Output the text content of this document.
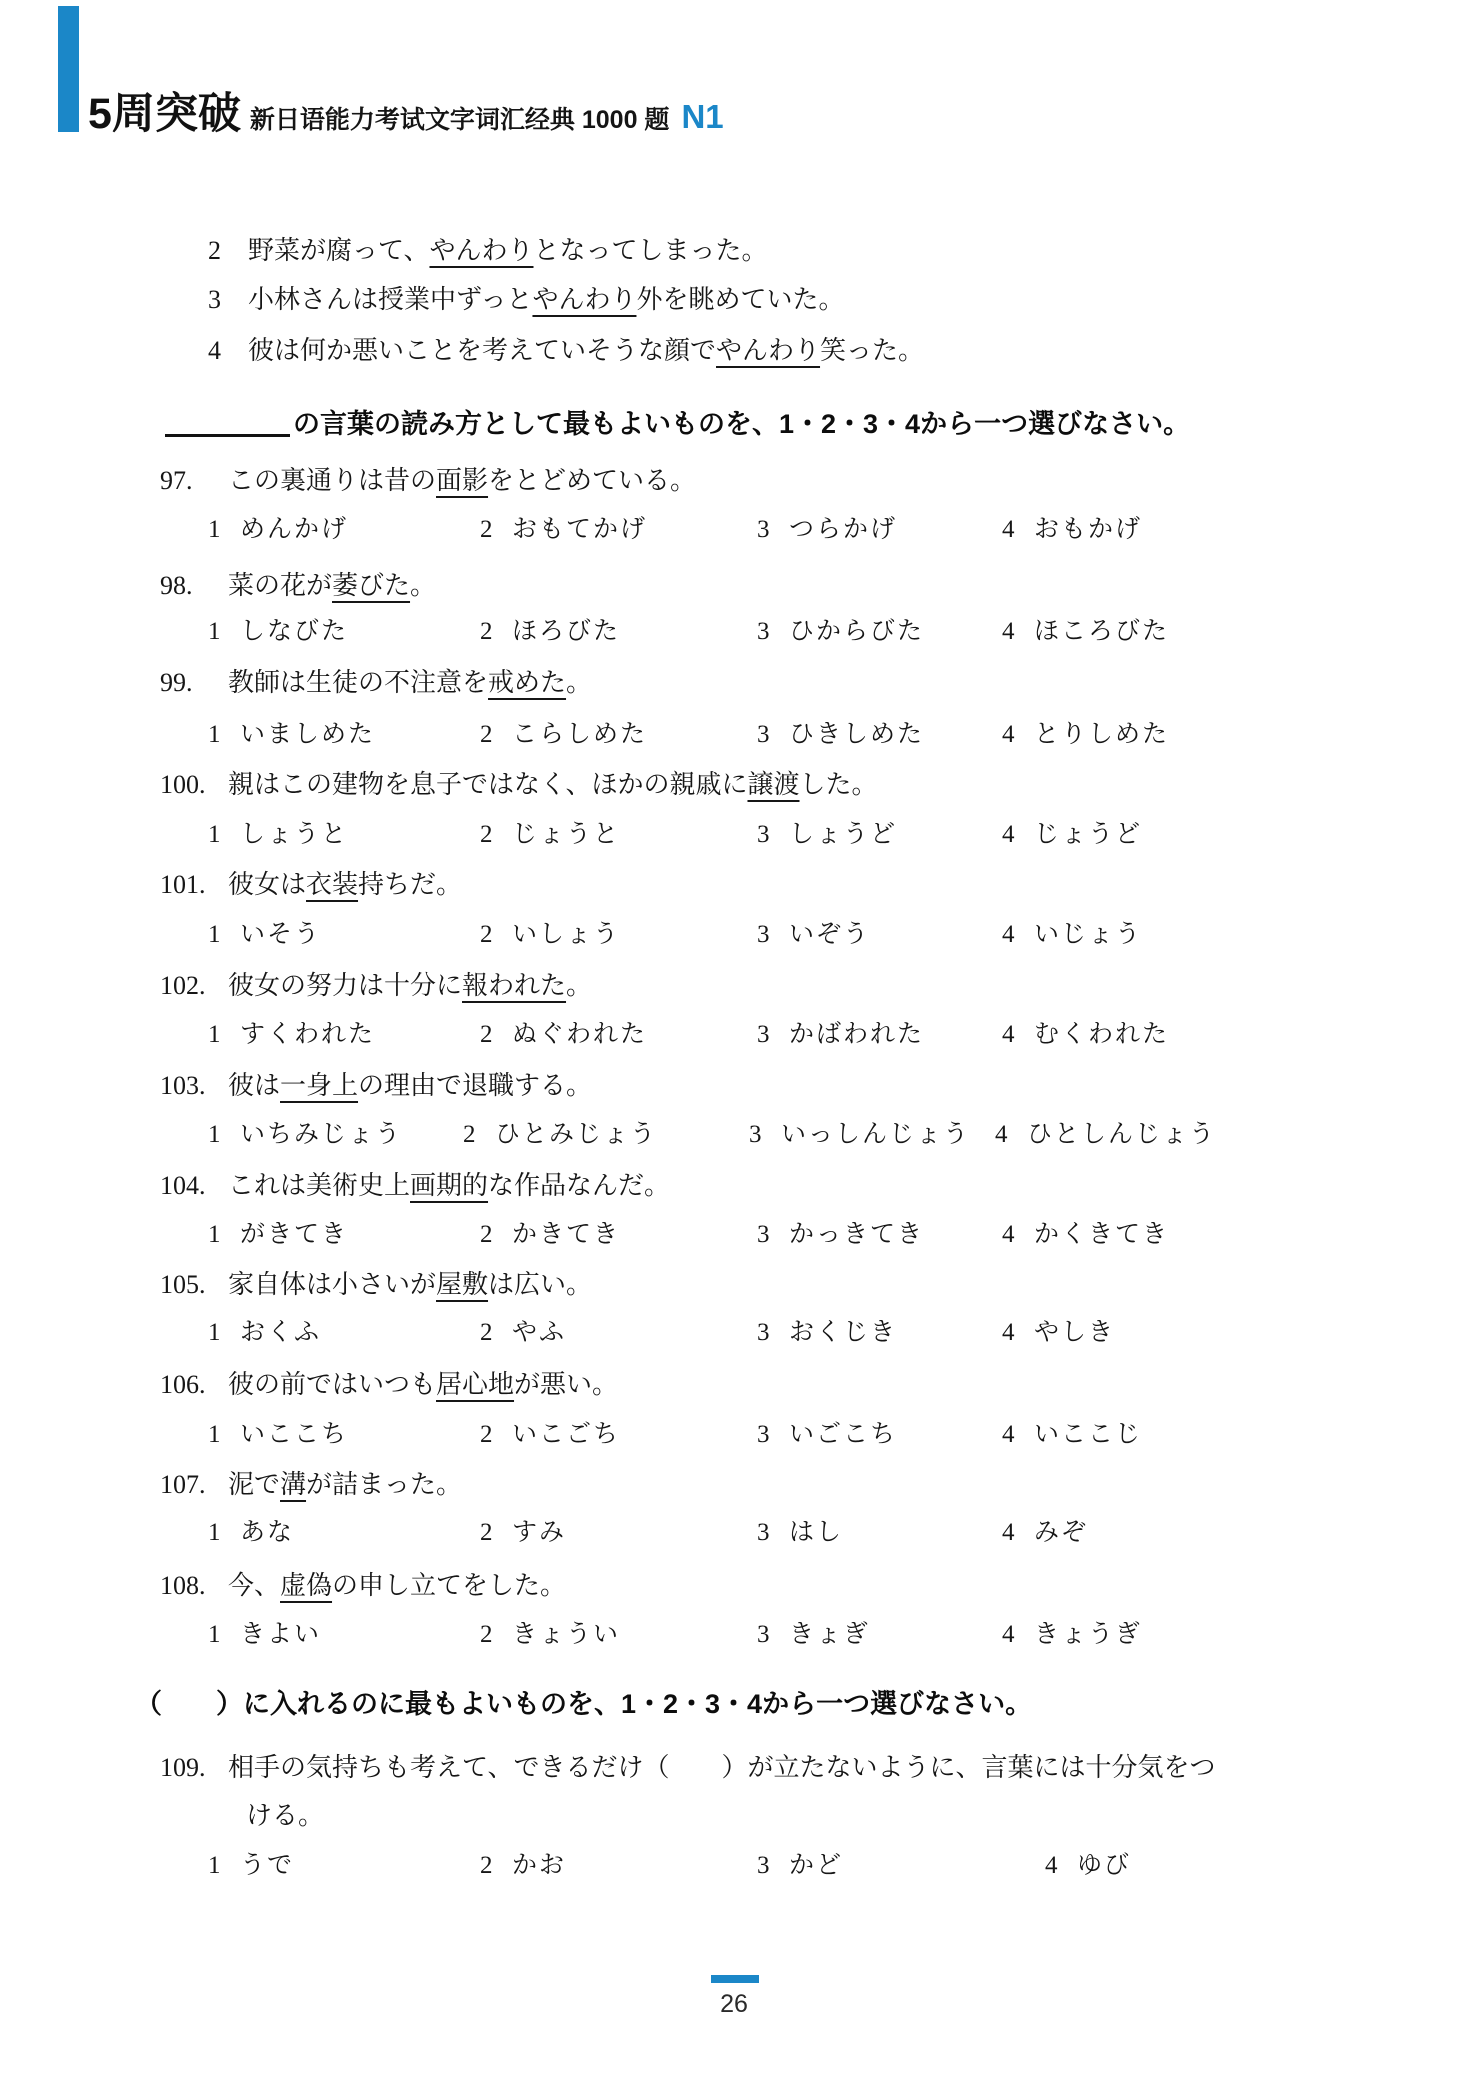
5周突破 新日语能力考试文字词汇经典 1000 题 N1
2 野菜が腐って、やんわりとなってしまった。
3 小林さんは授業中ずっとやんわり外を眺めていた。
4 彼は何か悪いことを考えていそうな顔でやんわり笑った。
の言葉の読み方として最もよいものを、1・2・3・4から一つ選びなさい。
97. この裏通りは昔の面影をとどめている。
1 めんかげ	2 おもてかげ	3 つらかげ	4 おもかげ
98. 菜の花が萎びた。
1 しなびた	2 ほろびた	3 ひからびた	4 ほころびた
99. 教師は生徒の不注意を戒めた。
1 いましめた	2 こらしめた	3 ひきしめた	4 とりしめた
100. 親はこの建物を息子ではなく、ほかの親戚に譲渡した。
1 しょうと	2 じょうと	3 しょうど	4 じょうど
101. 彼女は衣装持ちだ。
1 いそう	2 いしょう	3 いぞう	4 いじょう
102. 彼女の努力は十分に報われた。
1 すくわれた	2 ぬぐわれた	3 かばわれた	4 むくわれた
103. 彼は一身上の理由で退職する。
1 いちみじょう 2 ひとみじょう	3 いっしんじょう 4 ひとしんじょう
104. これは美術史上画期的な作品なんだ。
1 がきてき	2 かきてき	3 かっきてき	4 かくきてき
105. 家自体は小さいが屋敷は広い。
1 おくふ	2 やふ	3 おくじき	4 やしき
106. 彼の前ではいつも居心地が悪い。
1 いここち	2 いこごち	3 いごこち	4 いここじ
107. 泥で溝が詰まった。
1 あな	2 すみ	3 はし	4 みぞ
108. 今、虚偽の申し立てをした。
1 きよい	2 きょうい	3 きょぎ	4 きょうぎ
（　　）に入れるのに最もよいものを、1・2・3・4から一つ選びなさい。
109. 相手の気持ちも考えて、できるだけ（　　）が立たないように、言葉には十分気をつ
ける。
1 うで	2 かお	3 かど	4 ゆび
26
